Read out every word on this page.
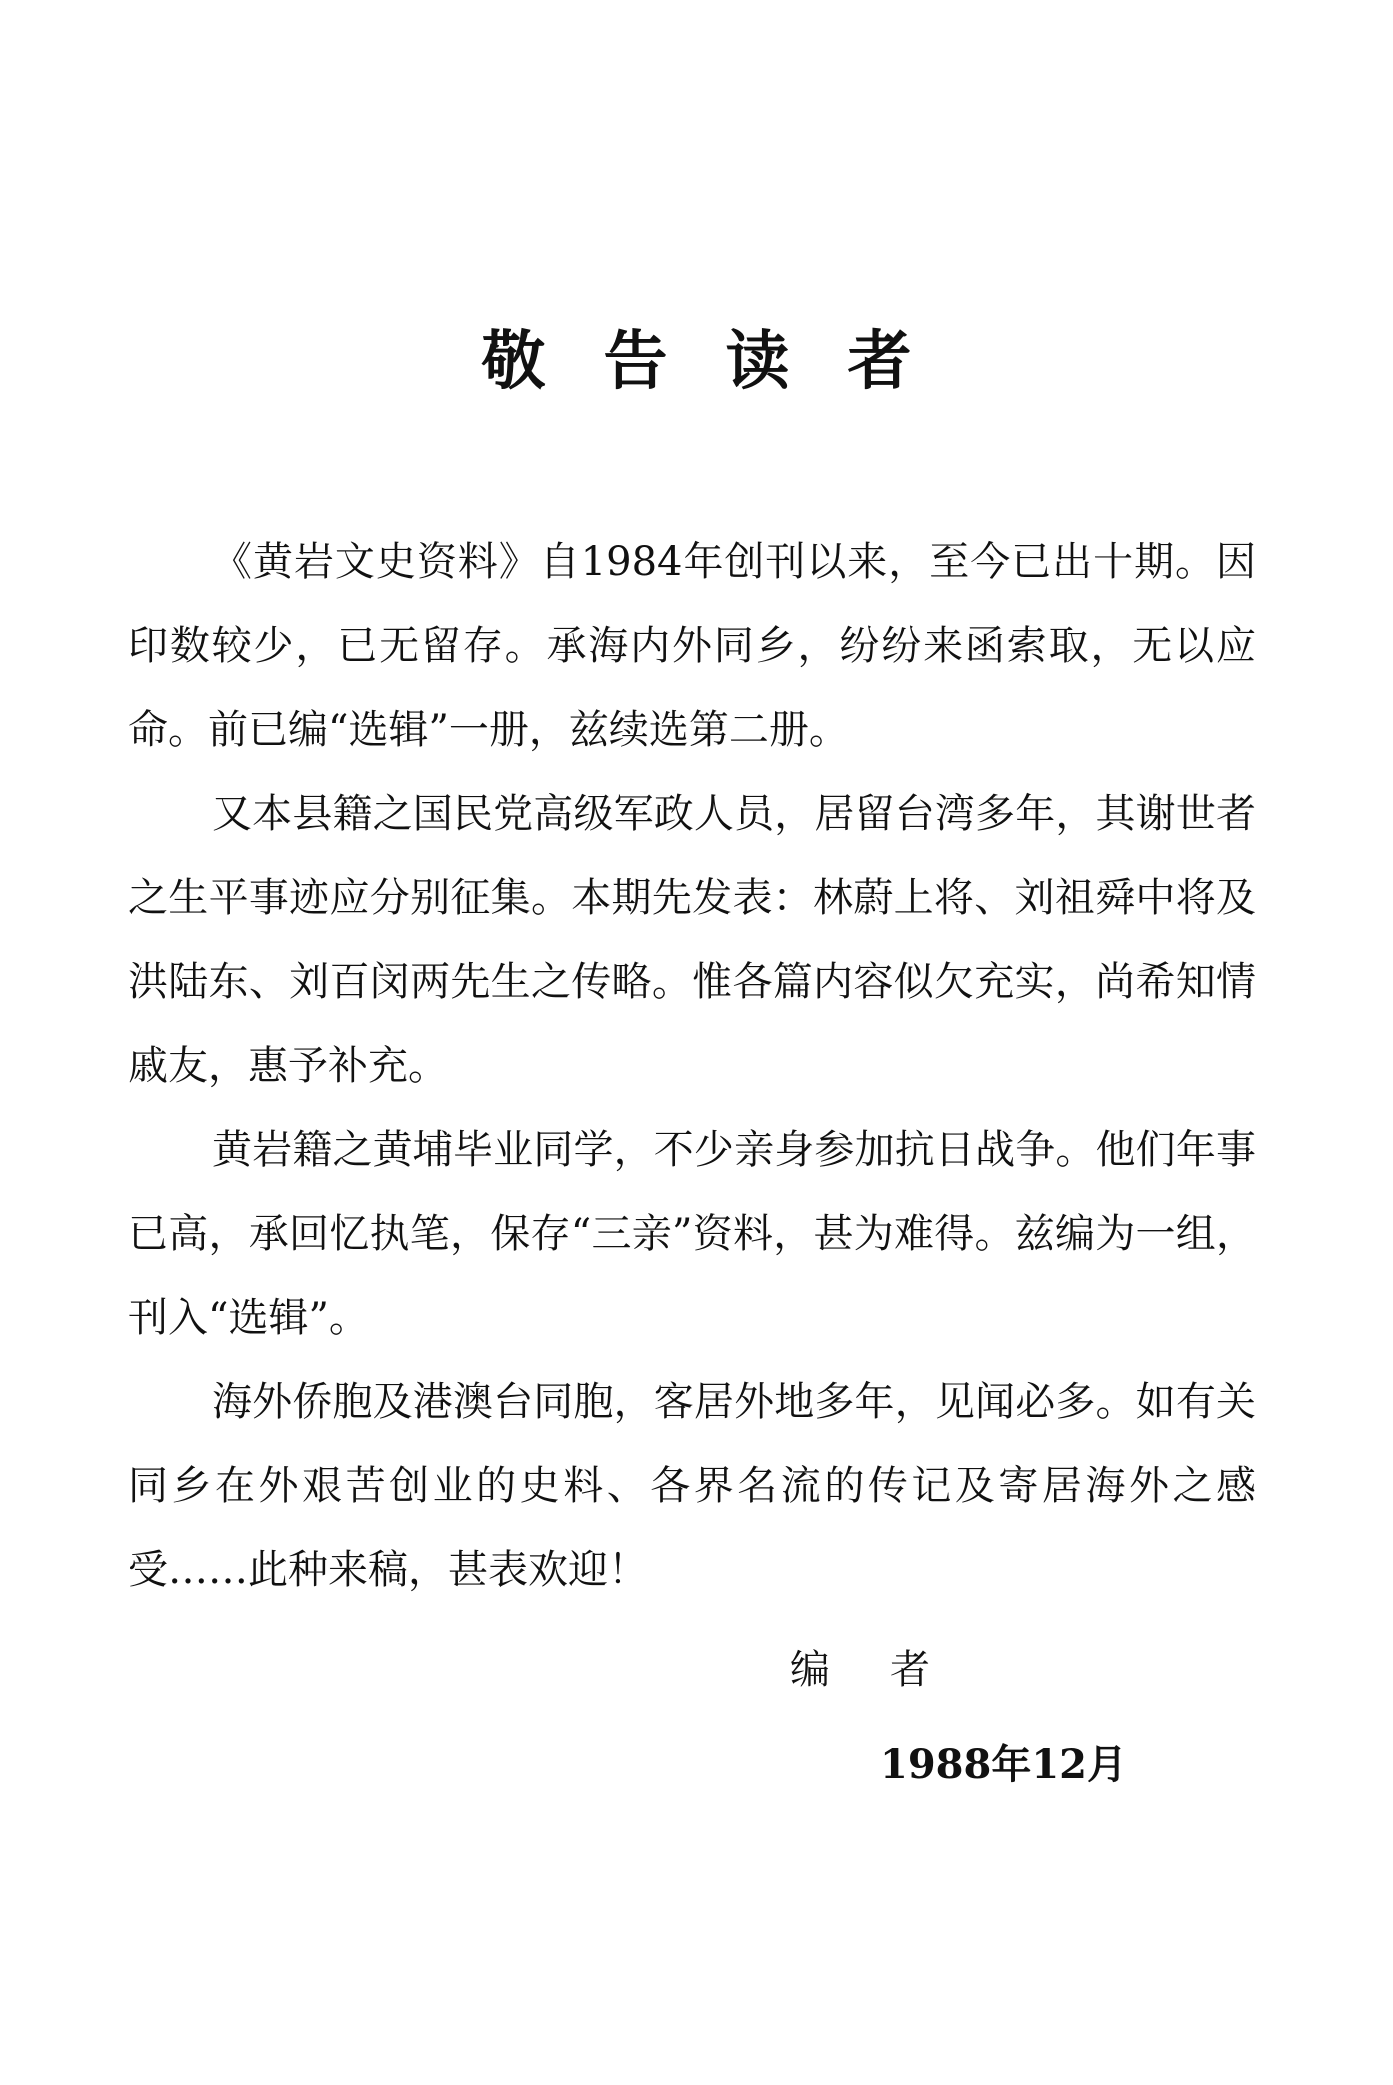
敬告读者

《黄岩文史资料》自1984年创刊以来，至今已出十期。因印数较少，已无留存。承海内外同乡，纷纷来函索取，无以应命。前已编“选辑”一册，兹续选第二册。

又本县籍之国民党高级军政人员，居留台湾多年，其谢世者之生平事迹应分别征集。本期先发表：林蔚上将、刘祖舜中将及洪陆东、刘百闵两先生之传略。惟各篇内容似欠充实，尚希知情戚友，惠予补充。

黄岩籍之黄埔毕业同学，不少亲身参加抗日战争。他们年事已高，承回忆执笔，保存“三亲”资料，甚为难得。兹编为一组，刊入“选辑”。

海外侨胞及港澳台同胞，客居外地多年，见闻必多。如有关同乡在外艰苦创业的史料、各界名流的传记及寄居海外之感受……此种来稿，甚表欢迎！

编者
1988年12月
